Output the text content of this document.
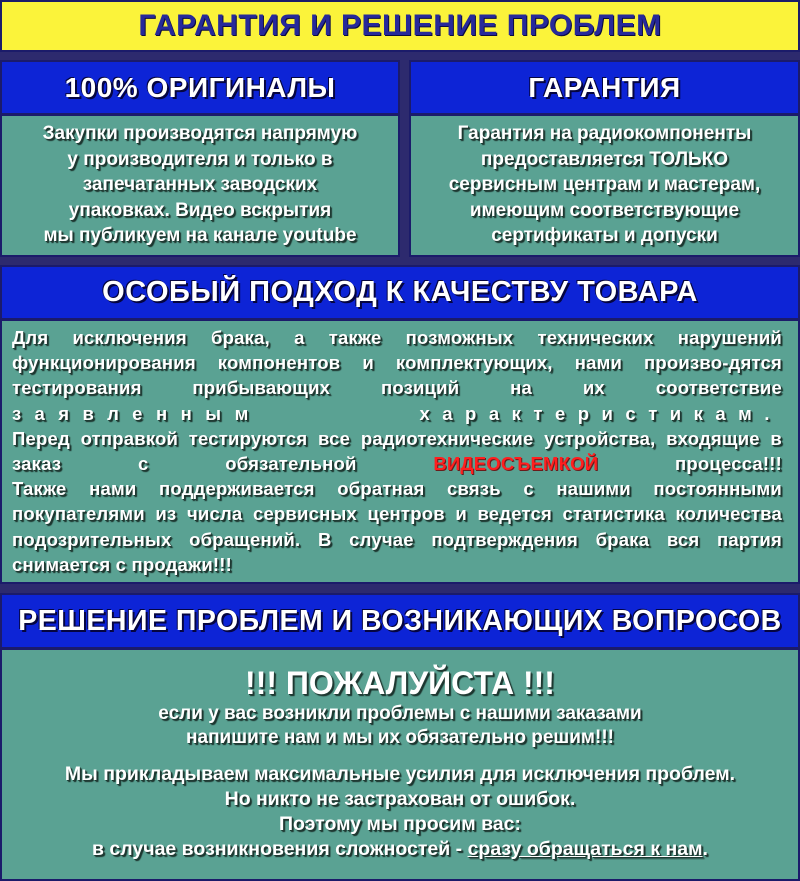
ГАРАНТИЯ И РЕШЕНИЕ ПРОБЛЕМ
100% ОРИГИНАЛЫ
Закупки производятся напрямую
у производителя и только в
запечатанных заводских
упаковках. Видео вскрытия
мы публикуем на канале youtube
ГАРАНТИЯ
Гарантия на радиокомпоненты
предоставляется ТОЛЬКО
сервисным центрам и мастерам,
имеющим соответствующие
сертификаты и допуски
ОСОБЫЙ ПОДХОД К КАЧЕСТВУ ТОВАРА
Для исключения брака, а также позможных технических нарушений функционирования компонентов и комплектующих, нами произво-дятся тестирования прибывающих позиций на их соответствие
заявленным	характеристикам.
Перед отправкой тестируются все радиотехнические устройства, входящие в заказ с обязательной	ВИДЕОСЪЕМКОЙ	процесса!!!
Также нами поддерживается обратная связь с нашими постоянными покупателями из числа сервисных центров и ведется статистика количества подозрительных обращений. В случае подтверждения брака вся партия снимается с продажи!!!
РЕШЕНИЕ ПРОБЛЕМ И ВОЗНИКАЮЩИХ ВОПРОСОВ
!!! ПОЖАЛУЙСТА !!!
если у вас возникли проблемы с нашими заказами
напишите нам и мы их обязательно решим!!!
Мы прикладываем максимальные усилия для исключения проблем.
Но никто не застрахован от ошибок.
Поэтому мы просим вас:
в случае возникновения сложностей - сразу обращаться к нам.
